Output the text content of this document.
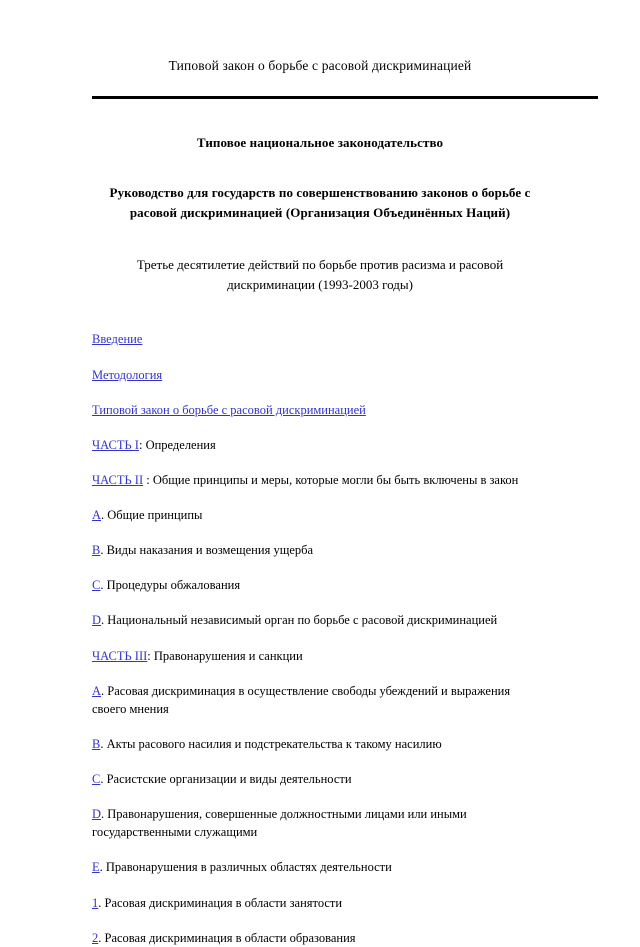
Типовой закон о борьбе с расовой дискриминацией
Типовое национальное законодательство
Руководство для государств по совершенствованию законов о борьбе с расовой дискриминацией (Организация Объединённых Наций)
Третье десятилетие действий по борьбе против расизма и расовой дискриминации (1993-2003 годы)
Введение
Методология
Типовой закон о борьбе с расовой дискриминацией
ЧАСТЬ I: Определения
ЧАСТЬ II : Общие принципы и меры, которые могли бы быть включены в закон
A. Общие принципы
B. Виды наказания и возмещения ущерба
C. Процедуры обжалования
D. Национальный независимый орган по борьбе с расовой дискриминацией
ЧАСТЬ III: Правонарушения и санкции
A. Расовая дискриминация в осуществление свободы убеждений и выражения своего мнения
B. Акты расового насилия и подстрекательства к такому насилию
C. Расистские организации и виды деятельности
D. Правонарушения, совершенные должностными лицами или иными государственными служащими
E. Правонарушения в различных областях деятельности
1. Расовая дискриминация в области занятости
2. Расовая дискриминация в области образования
